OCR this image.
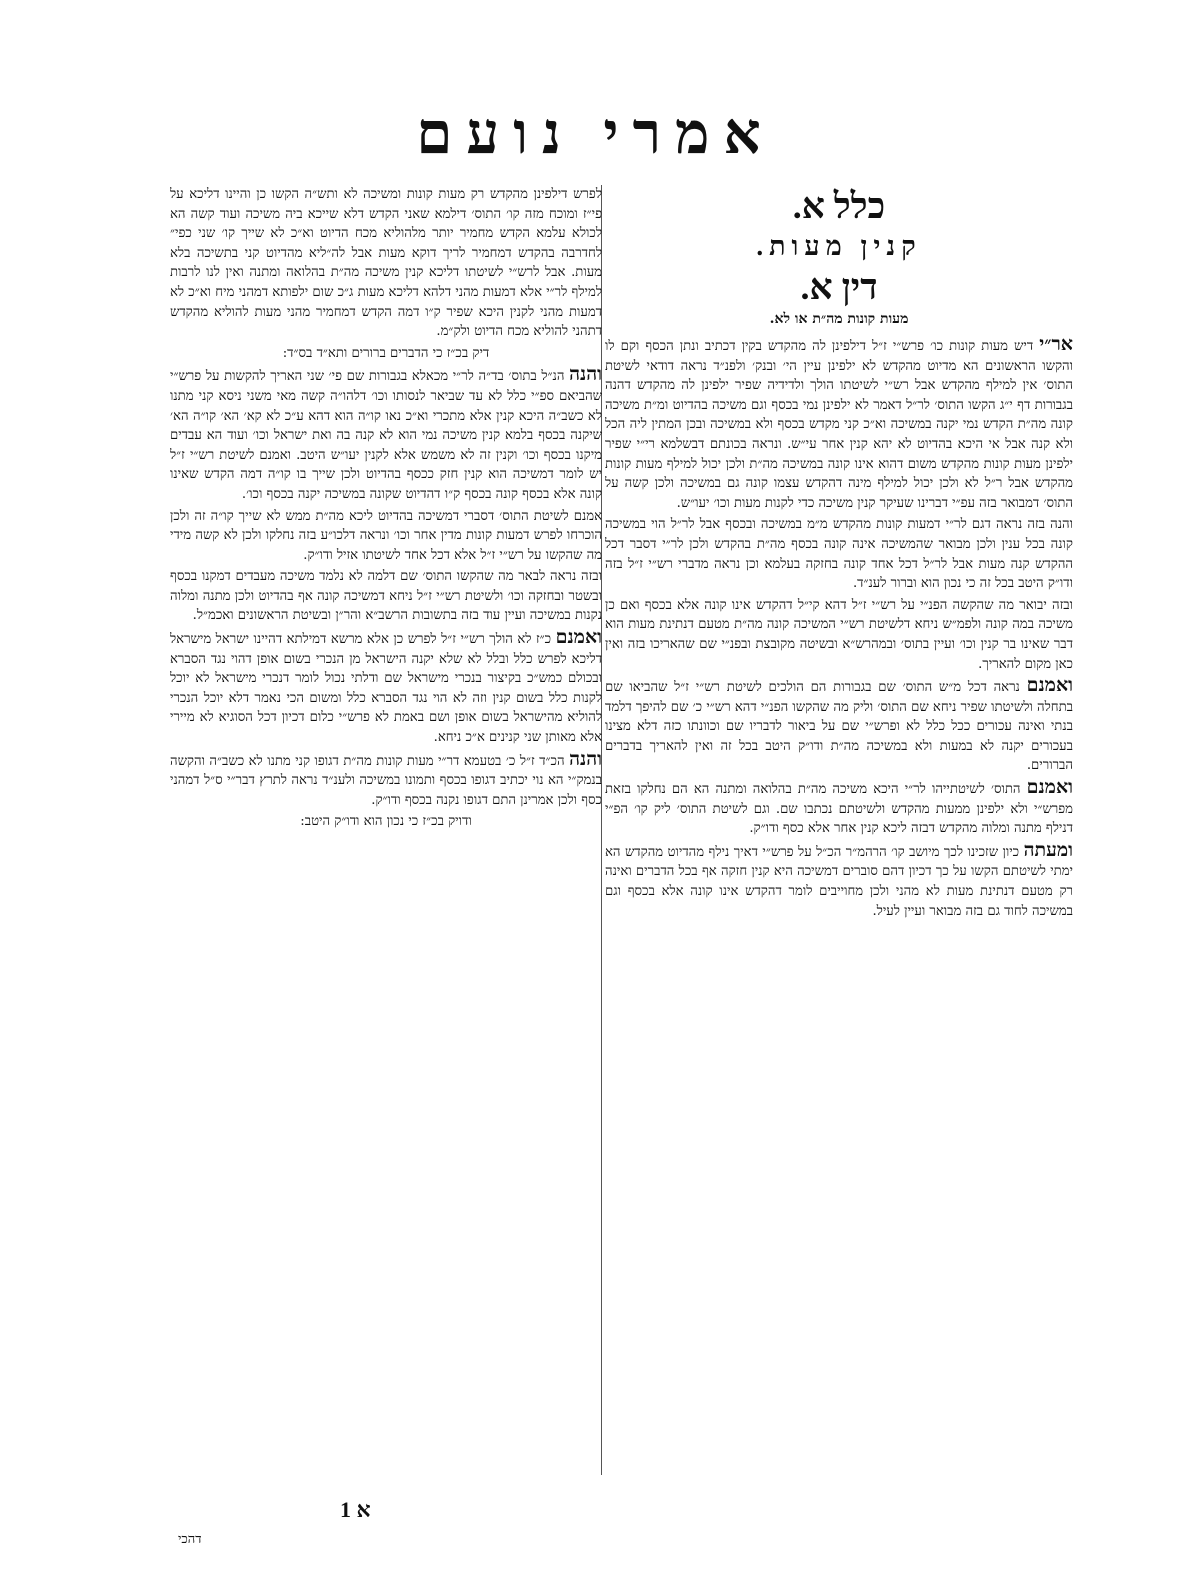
אמרי נועם
כלל א.
קנין מעות.
דין א.
מעות קונות מה״ת או לא.

אר״י דיש מעות קונות כו׳ פרש״י ז״ל דילפינן לה מהקדש בקין דכתיב ונתן הכסף וקם לו והקשו הראשונים הא מדיוט מהקדש לא ילפינן עיין הי׳ ובנק׳ ולפנ״ד נראה דודאי לשיטת התוס׳ אין למילף מהקדש אבל רש״י לשיטתו הולך ולדידיה שפיר ילפינן לה מהקדש דהנה בגבורות דף י״ג הקשו התוס׳ לר״ל דאמר לא ילפינן נמי בכסף וגם משיכה בהדיוט ומ״ת משיכה קונה מה״ת הקדש נמי יקנה במשיכה וא״כ קני מקדש בכסף ולא במשיכה ובכן המתין ליה הכל ולא קנה אבל אי היכא בהדיוט לא יהא קנין אחר עי״ש. ונראה בכונתם דבשלמא רי״י שפיר ילפינן מעות קונות מהקדש משום דהוא אינו קונה במשיכה מה״ת ולכן יכול למילף מעות קונות מהקדש אבל ר״ל לא ולכן יכול למילף מינה דהקדש עצמו קונה גם במשיכה ולכן קשה על התוס׳ דמבואר בזה עפ״י דברינו שעיקר קנין משיכה כדי לקנות מעות וכו׳ יעו״ש.

והנה בזה נראה דגם לר״י דמעות קונות מהקדש מ״מ במשיכה ובכסף אבל לר״ל הוי במשיכה קונה בכל ענין ולכן מבואר שהמשיכה אינה קונה בכסף מה״ת בהקדש ולכן לר״י דסבר דכל ההקדש קנה מעות אבל לר״ל דכל אחד קונה בחזקה בעלמא וכן נראה מדברי רש״י ז״ל בזה ודו״ק היטב בכל זה כי נכון הוא וברור לענ״ד.

ובזה יבואר מה שהקשה הפנ״י על רש״י ז״ל דהא קי״ל דהקדש אינו קונה אלא בכסף ואם כן משיכה במה קונה ולפמ״ש ניחא דלשיטת רש״י המשיכה קונה מה״ת מטעם דנתינת מעות הוא דבר שאינו בר קנין וכו׳ ועיין בתוס׳ ובמהרש״א ובשיטה מקובצת ובפנ״י שם שהאריכו בזה ואין כאן מקום להאריך.

ואמנם נראה דכל מ״ש התוס׳ שם בגבורות הם הולכים לשיטת רש״י ז״ל שהביאו שם בתחלה ולשיטתו שפיר ניחא שם התוס׳ וליק מה שהקשו הפנ״י דהא רש״י כ׳ שם להיפך דלמד בנתי ואינה עכורים ככל כלל לא ופרש״י שם על ביאור לדבריו שם וכוונתו כזה דלא מצינו בעכורים יקנה לא במעות ולא במשיכה מה״ת ודו״ק היטב בכל זה ואין להאריך בדברים הברורים.

ואמנם התוס׳ לשיטתייהו לר״י היכא משיכה מה״ת בהלואה ומתנה הא הם נחלקו בזאת מפרש״י ולא ילפינן ממעות מהקדש ולשיטתם נכתבו שם. וגם לשיטת התוס׳ ליק קו׳ הפ״י דנילף מתנה ומלוה מהקדש דבזה ליכא קנין אחר אלא כסף ודו״ק.

ומעתה כיון שזכינו לכך מיושב קו׳ הרהמ״ר הכ״ל על פרש״י דאיך נילף מהדיוט מהקדש הא ימתי לשיטתם הקשו על כך דכיון דהם סוברים דמשיכה היא קנין חזקה אף בכל הדברים ואינה רק מטעם דנתינת מעות לא מהני ולכן מחוייבים לומר דהקדש אינו קונה אלא בכסף וגם במשיכה לחוד גם בזה מבואר ועיין לעיל.

לפרש דילפינן מהקדש רק מעות קונות ומשיכה לא ותש״ה הקשו כן והיינו דליכא על פי״ז ומוכח מזה קו׳ התוס׳ דילמא שאני הקדש דלא שייכא ביה משיכה ועוד קשה הא לכולא עלמא הקדש מחמיר יותר מלהוליא מכח הדיוט וא״כ לא שייך קו׳ שני כפי״ לחדרבה בהקדש דמחמיר לריך דוקא מעות אבל לה״ליא מהדיוט קני בתשיכה בלא מעות. אבל לרש״י לשיטתו דליכא קנין משיכה מה״ת בהלואה ומתנה ואין לנו לרבות למילף לר״י אלא דמעות מהני דלהא דליכא מעות ג״כ שום ילפותא דמהני מיח וא״כ לא דמעות מהני לקנין היכא שפיר ק״ו דמה הקדש דמחמיר מהני מעות להוליא מהקדש דתהני להוליא מכח הדיוט ולק״מ.

דיק בכ״ז כי הדברים ברורים ותא״ד בס״ד:

והנה הנ״ל בתוס׳ בד״ה לר״י מכאלא בגבורות שם פי׳ שני האריך להקשות על פרש״י שהביאם ספ״י כלל לא עד שביאר לנסותו וכו׳ דלהו״ה קשה מאי משני ניסא קני מתנו לא כשב״ה היכא קנין אלא מתכרי וא״כ נאו קו״ה הוא דהא ע״כ לא קא׳ הא׳ קו״ה הא׳ שיקנה בכסף בלמא קנין משיכה נמי הוא לא קנה בה ואת ישראל וכו׳ ועוד הא עבדים מיקנו בכסף וכו׳ וקנין זה לא משמש אלא לקנין יעו״ש היטב. ואמנם לשיטת רש״י ז״ל יש לומר דמשיכה הוא קנין חזק ככסף בהדיוט ולכן שייך בו קו״ה דמה הקדש שאינו קונה אלא בכסף קונה בכסף ק״ו דהדיוט שקונה במשיכה יקנה בכסף וכו׳.

אמנם לשיטת התוס׳ דסברי דמשיכה בהדיוט ליכא מה״ת ממש לא שייך קו״ה זה ולכן הוכרחו לפרש דמעות קונות מדין אחר וכו׳ ונראה דלכו״ע בזה נחלקו ולכן לא קשה מידי מה שהקשו על רש״י ז״ל אלא דכל אחד לשיטתו אזיל ודו״ק.

ובזה נראה לבאר מה שהקשו התוס׳ שם דלמה לא נלמד משיכה מעבדים דמקנו בכסף ובשטר ובחזקה וכו׳ ולשיטת רש״י ז״ל ניחא דמשיכה קונה אף בהדיוט ולכן מתנה ומלוה נקנות במשיכה ועיין עוד בזה בתשובות הרשב״א והר״ן ובשיטת הראשונים ואכמ״ל.

ואמנם כ״ז לא הולך רש״י ז״ל לפרש כן אלא מרשא דמילתא דהיינו ישראל מישראל דליכא לפרש כלל ובלל לא שלא יקנה הישראל מן הנכרי בשום אופן דהוי נגד הסברא ובכולם כמש״כ בקיצור בנכרי מישראל שם ודלתי נכול לומר דנכרי מישראל לא יוכל לקנות כלל בשום קנין וזה לא הוי נגד הסברא כלל ומשום הכי נאמר דלא יוכל הנכרי להוליא מהישראל בשום אופן ושם באמת לא פרש״י כלום דכיון דכל הסוגיא לא מיירי אלא מאותן שני קנינים א״כ ניחא.

והנה הכ״ד ז״ל כ׳ בטעמא דר״י מעות קונות מה״ת דגופו קני מתנו לא כשב״ה והקשה בנמק״י הא נוי יכתיב דגופו בכסף ותמונו במשיכה ולענ״ד נראה לתרץ דבר״י ס״ל דמהני כסף ולכן אמרינן התם דגופו נקנה בכסף ודו״ק.

ודויק בכ״ז כי נכון הוא ודו״ק היטב:

א 1
דהכי
